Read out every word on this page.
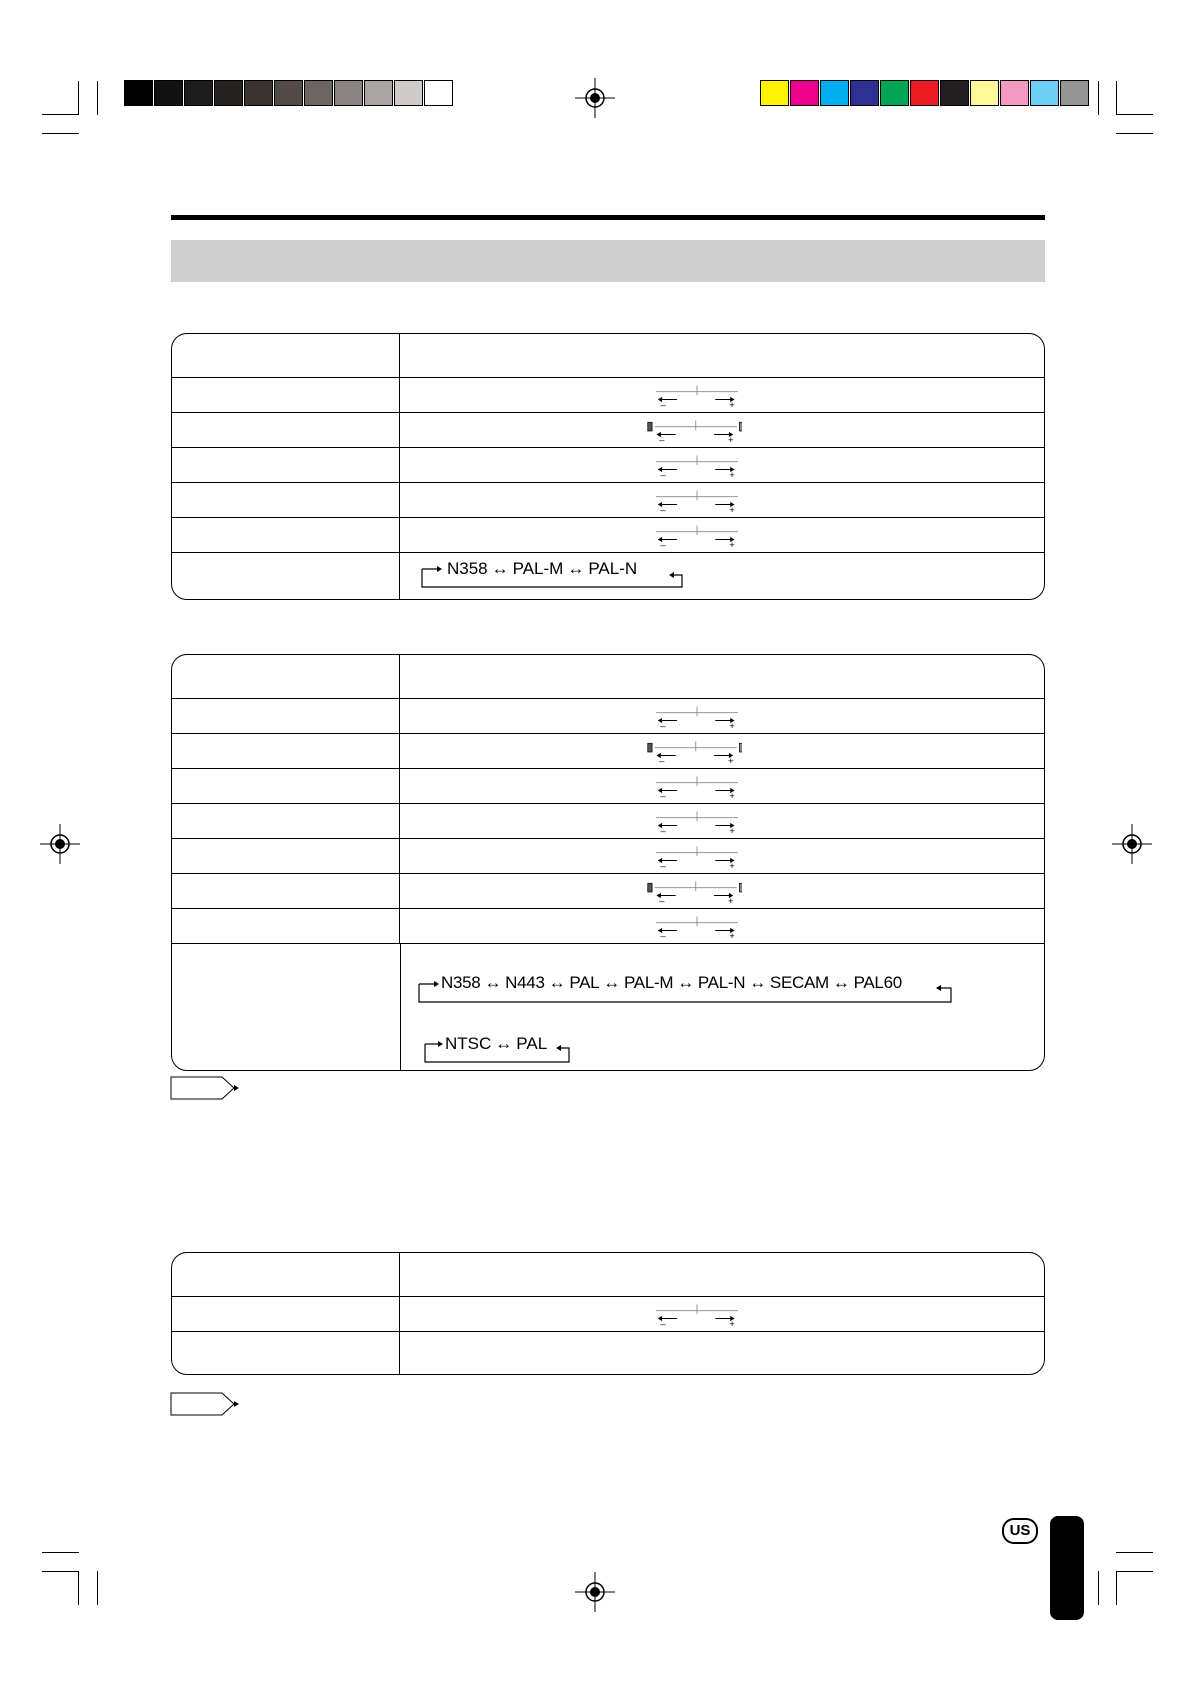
–	+
–	+
–	+
–	+
–	+
N358 ↔ PAL-M ↔ PAL-N
–	+
–	+
–	+
–	+
–	+
–	+
–	+
N358 ↔ N443 ↔ PAL ↔ PAL-M ↔ PAL-N ↔ SECAM ↔ PAL60
NTSC ↔ PAL
–	+
US
